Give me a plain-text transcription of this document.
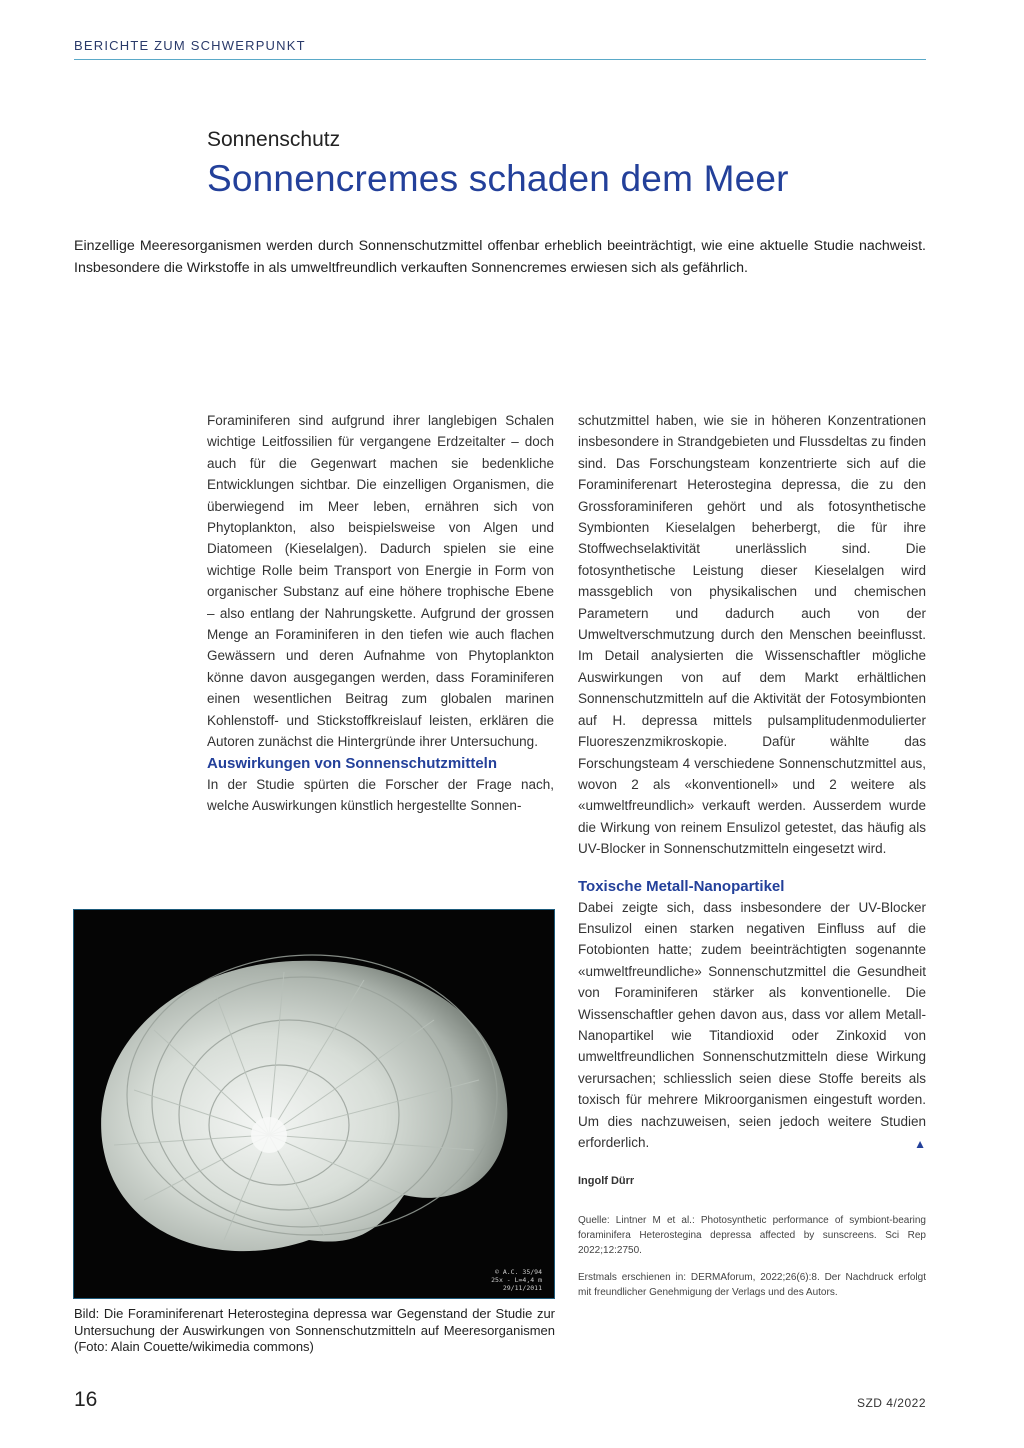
BERICHTE ZUM SCHWERPUNKT
Sonnenschutz
Sonnencremes schaden dem Meer

Einzellige Meeresorganismen werden durch Sonnenschutzmittel offenbar erheblich beeinträchtigt, wie eine aktuelle Studie nachweist. Insbesondere die Wirkstoffe in als umweltfreundlich verkauften Sonnencremes erwiesen sich als gefährlich.

Foraminiferen sind aufgrund ihrer langlebigen Schalen wichtige Leitfossilien für vergangene Erdzeitalter – doch auch für die Gegenwart machen sie bedenkliche Entwicklungen sichtbar. Die einzelligen Organismen, die überwiegend im Meer leben, ernähren sich von Phytoplankton, also beispielsweise von Algen und Diatomeen (Kieselalgen). Dadurch spielen sie eine wichtige Rolle beim Transport von Energie in Form von organischer Substanz auf eine höhere trophische Ebene – also entlang der Nahrungskette. Aufgrund der grossen Menge an Foraminiferen in den tiefen wie auch flachen Gewässern und deren Aufnahme von Phytoplankton könne davon ausgegangen werden, dass Foraminiferen einen wesentlichen Beitrag zum globalen marinen Kohlenstoff- und Stickstoffkreislauf leisten, erklären die Autoren zunächst die Hintergründe ihrer Untersuchung.

Auswirkungen von Sonnenschutzmitteln

In der Studie spürten die Forscher der Frage nach, welche Auswirkungen künstlich hergestellte Sonnen-

schutzmittel haben, wie sie in höheren Konzentrationen insbesondere in Strandgebieten und Flussdeltas zu finden sind. Das Forschungsteam konzentrierte sich auf die Foraminiferenart Heterostegina depressa, die zu den Grossforaminiferen gehört und als fotosynthetische Symbionten Kieselalgen beherbergt, die für ihre Stoffwechselaktivität unerlässlich sind. Die fotosynthetische Leistung dieser Kieselalgen wird massgeblich von physikalischen und chemischen Parametern und dadurch auch von der Umweltverschmutzung durch den Menschen beeinflusst. Im Detail analysierten die Wissenschaftler mögliche Auswirkungen von auf dem Markt erhältlichen Sonnenschutzmitteln auf die Aktivität der Fotosymbionten auf H. depressa mittels pulsamplitudenmodulierter Fluoreszenzmikroskopie. Dafür wählte das Forschungsteam 4 verschiedene Sonnenschutzmittel aus, wovon 2 als «konventionell» und 2 weitere als «umweltfreundlich» verkauft werden. Ausserdem wurde die Wirkung von reinem Ensulizol getestet, das häufig als UV-Blocker in Sonnenschutzmitteln eingesetzt wird.

Toxische Metall-Nanopartikel

Dabei zeigte sich, dass insbesondere der UV-Blocker Ensulizol einen starken negativen Einfluss auf die Fotobionten hatte; zudem beeinträchtigten sogenannte «umweltfreundliche» Sonnenschutzmittel die Gesundheit von Foraminiferen stärker als konventionelle. Die Wissenschaftler gehen davon aus, dass vor allem Metall-Nanopartikel wie Titandioxid oder Zinkoxid von umweltfreundlichen Sonnenschutzmitteln diese Wirkung verursachen; schliesslich seien diese Stoffe bereits als toxisch für mehrere Mikroorganismen eingestuft worden. Um dies nachzuweisen, seien jedoch weitere Studien erforderlich.	▲

Ingolf Dürr

Quelle: Lintner M et al.: Photosynthetic performance of symbiont-bearing foraminifera Heterostegina depressa affected by sunscreens. Sci Rep 2022;12:2750.

Erstmals erschienen in: DERMAforum, 2022;26(6):8. Der Nachdruck erfolgt mit freundlicher Genehmigung der Verlags und des Autors.

© A.C. 35/94
25x - L=4,4 m
29/11/2011

Bild: Die Foraminiferenart Heterostegina depressa war Gegenstand der Studie zur Untersuchung der Auswirkungen von Sonnenschutzmitteln auf Meeresorganismen (Foto: Alain Couette/wikimedia commons)

16	SZD 4/2022
